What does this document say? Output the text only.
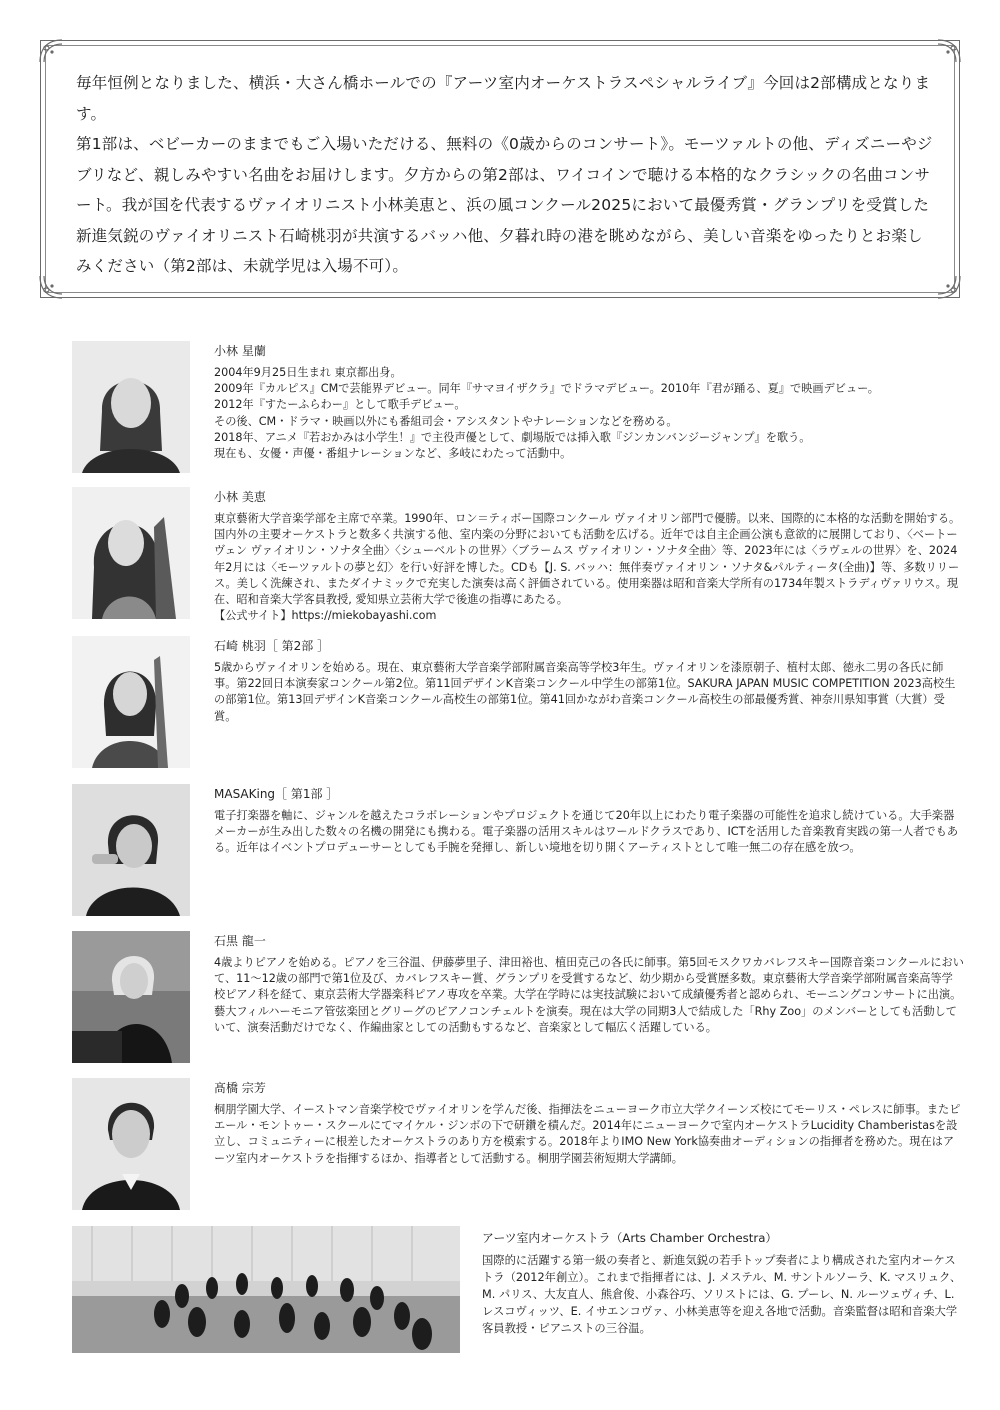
毎年恒例となりました、横浜・大さん橋ホールでの『アーツ室内オーケストラスペシャルライブ』今回は2部構成となります。

第1部は、ベビーカーのままでもご入場いただける、無料の《0歳からのコンサート》。モーツァルトの他、ディズニーやジブリなど、親しみやすい名曲をお届けします。夕方からの第2部は、ワイコインで聴ける本格的なクラシックの名曲コンサート。我が国を代表するヴァイオリニスト小林美恵と、浜の風コンクール2025において最優秀賞・グランプリを受賞した新進気鋭のヴァイオリニスト石崎桃羽が共演するバッハ他、夕暮れ時の港を眺めながら、美しい音楽をゆったりとお楽しみください（第2部は、未就学児は入場不可）。

小林 星蘭
2004年9月25日生まれ 東京都出身。
2009年『カルピス』CMで芸能界デビュー。同年『サマヨイザクラ』でドラマデビュー。2010年『君が踊る、夏』で映画デビュー。
2012年『すたーふらわー』として歌手デビュー。
その後、CM・ドラマ・映画以外にも番組司会・アシスタントやナレーションなどを務める。
2018年、アニメ『若おかみは小学生！』で主役声優として、劇場版では挿入歌『ジンカンバンジージャンプ』を歌う。
現在も、女優・声優・番組ナレーションなど、多岐にわたって活動中。
小林 美恵

東京藝術大学音楽学部を主席で卒業。1990年、ロン＝ティボー国際コンクール ヴァイオリン部門で優勝。以来、国際的に本格的な活動を開始する。国内外の主要オーケストラと数多く共演する他、室内楽の分野においても活動を広げる。近年では自主企画公演も意欲的に展開しており、〈ベートーヴェン ヴァイオリン・ソナタ全曲〉〈シューベルトの世界〉〈ブラームス ヴァイオリン・ソナタ全曲〉等、2023年には〈ラヴェルの世界〉を、2024年2月には〈モーツァルトの夢と幻〉を行い好評を博した。CDも【J. S. バッハ：無伴奏ヴァイオリン・ソナタ&パルティータ(全曲)】等、多数リリース。美しく洗練され、またダイナミックで充実した演奏は高く評価されている。使用楽器は昭和音楽大学所有の1734年製ストラディヴァリウス。現在、昭和音楽大学客員教授, 愛知県立芸術大学で後進の指導にあたる。

【公式サイト】https://miekobayashi.com
石崎 桃羽［ 第2部 ］

5歳からヴァイオリンを始める。現在、東京藝術大学音楽学部附属音楽高等学校3年生。ヴァイオリンを漆原朝子、植村太郎、徳永二男の各氏に師事。第22回日本演奏家コンクール第2位。第11回デザインK音楽コンクール中学生の部第1位。SAKURA JAPAN MUSIC COMPETITION 2023高校生の部第1位。第13回デザインK音楽コンクール高校生の部第1位。第41回かながわ音楽コンクール高校生の部最優秀賞、神奈川県知事賞（大賞）受賞。

MASAKing［ 第1部 ］

電子打楽器を軸に、ジャンルを越えたコラボレーションやプロジェクトを通じて20年以上にわたり電子楽器の可能性を追求し続けている。大手楽器メーカーが生み出した数々の名機の開発にも携わる。電子楽器の活用スキルはワールドクラスであり、ICTを活用した音楽教育実践の第一人者でもある。近年はイベントプロデューサーとしても手腕を発揮し、新しい境地を切り開くアーティストとして唯一無二の存在感を放つ。

石黒 龍一

4歳よりピアノを始める。ピアノを三谷温、伊藤夢里子、津田裕也、植田克己の各氏に師事。第5回モスクワカバレフスキー国際音楽コンクールにおいて、11〜12歳の部門で第1位及び、カバレフスキー賞、グランプリを受賞するなど、幼少期から受賞歴多数。東京藝術大学音楽学部附属音楽高等学校ピアノ科を経て、東京芸術大学器楽科ピアノ専攻を卒業。大学在学時には実技試験において成績優秀者と認められ、モーニングコンサートに出演。藝大フィルハーモニア管弦楽団とグリーグのピアノコンチェルトを演奏。現在は大学の同期3人で結成した「Rhy Zoo」のメンバーとしても活動していて、演奏活動だけでなく、作編曲家としての活動もするなど、音楽家として幅広く活躍している。

髙橋 宗芳

桐朋学園大学、イーストマン音楽学校でヴァイオリンを学んだ後、指揮法をニューヨーク市立大学クイーンズ校にてモーリス・ペレスに師事。またピエール・モントゥー・スクールにてマイケル・ジンボの下で研鑽を積んだ。2014年にニューヨークで室内オーケストラLucidity Chamberistasを設立し、コミュニティーに根差したオーケストラのあり方を模索する。2018年よりIMO New York協奏曲オーディションの指揮者を務めた。現在はアーツ室内オーケストラを指揮するほか、指導者として活動する。桐朋学園芸術短期大学講師。

アーツ室内オーケストラ（Arts Chamber Orchestra）

国際的に活躍する第一級の奏者と、新進気鋭の若手トップ奏者により構成された室内オーケストラ（2012年創立）。これまで指揮者には、J. メステル、M. サントルソーラ、K. マスリュク、M. パリス、大友直人、熊倉俊、小森谷巧、ソリストには、G. プーレ、N. ルーツェヴィチ、L. レスコヴィッツ、E. イサエンコヴァ、小林美恵等を迎え各地で活動。音楽監督は昭和音楽大学客員教授・ピアニストの三谷温。
